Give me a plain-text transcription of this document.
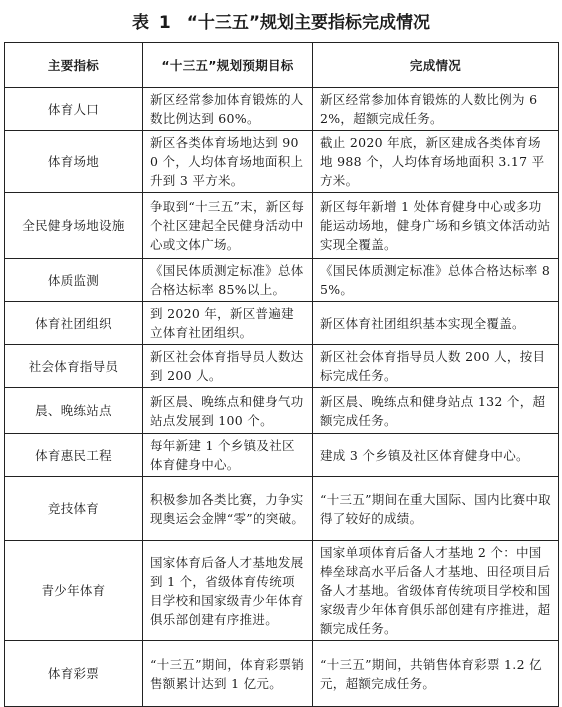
表 1 “十三五”规划主要指标完成情况
主要指标	“十三五”规划预期目标	完成情况
体育人口	新区经常参加体育锻炼的人数比例达到 60%。	新区经常参加体育锻炼的人数比例为 62%，超额完成任务。
体育场地	新区各类体育场地达到 900 个，人均体育场地面积上升到 3 平方米。	截止 2020 年底，新区建成各类体育场地 988 个，人均体育场地面积 3.17 平方米。
全民健身场地设施	争取到“十三五”末，新区每个社区建起全民健身活动中心或文体广场。	新区每年新增 1 处体育健身中心或多功能运动场地，健身广场和乡镇文体活动站实现全覆盖。
体质监测	《国民体质测定标准》总体合格达标率 85%以上。	《国民体质测定标准》总体合格达标率 85%。
体育社团组织	到 2020 年，新区普遍建立体育社团组织。	新区体育社团组织基本实现全覆盖。
社会体育指导员	新区社会体育指导员人数达到 200 人。	新区社会体育指导员人数 200 人，按目标完成任务。
晨、晚练站点	新区晨、晚练点和健身气功站点发展到 100 个。	新区晨、晚练点和健身站点 132 个，超额完成任务。
体育惠民工程	每年新建 1 个乡镇及社区体育健身中心。	建成 3 个乡镇及社区体育健身中心。
竞技体育	积极参加各类比赛，力争实现奥运会金牌“零”的突破。	“十三五”期间在重大国际、国内比赛中取得了较好的成绩。
青少年体育	国家体育后备人才基地发展到 1 个，省级体育传统项目学校和国家级青少年体育俱乐部创建有序推进。	国家单项体育后备人才基地 2 个：中国棒垒球高水平后备人才基地、田径项目后备人才基地。省级体育传统项目学校和国家级青少年体育俱乐部创建有序推进，超额完成任务。
体育彩票	“十三五”期间，体育彩票销售额累计达到 1 亿元。	“十三五”期间，共销售体育彩票 1.2 亿元，超额完成任务。
